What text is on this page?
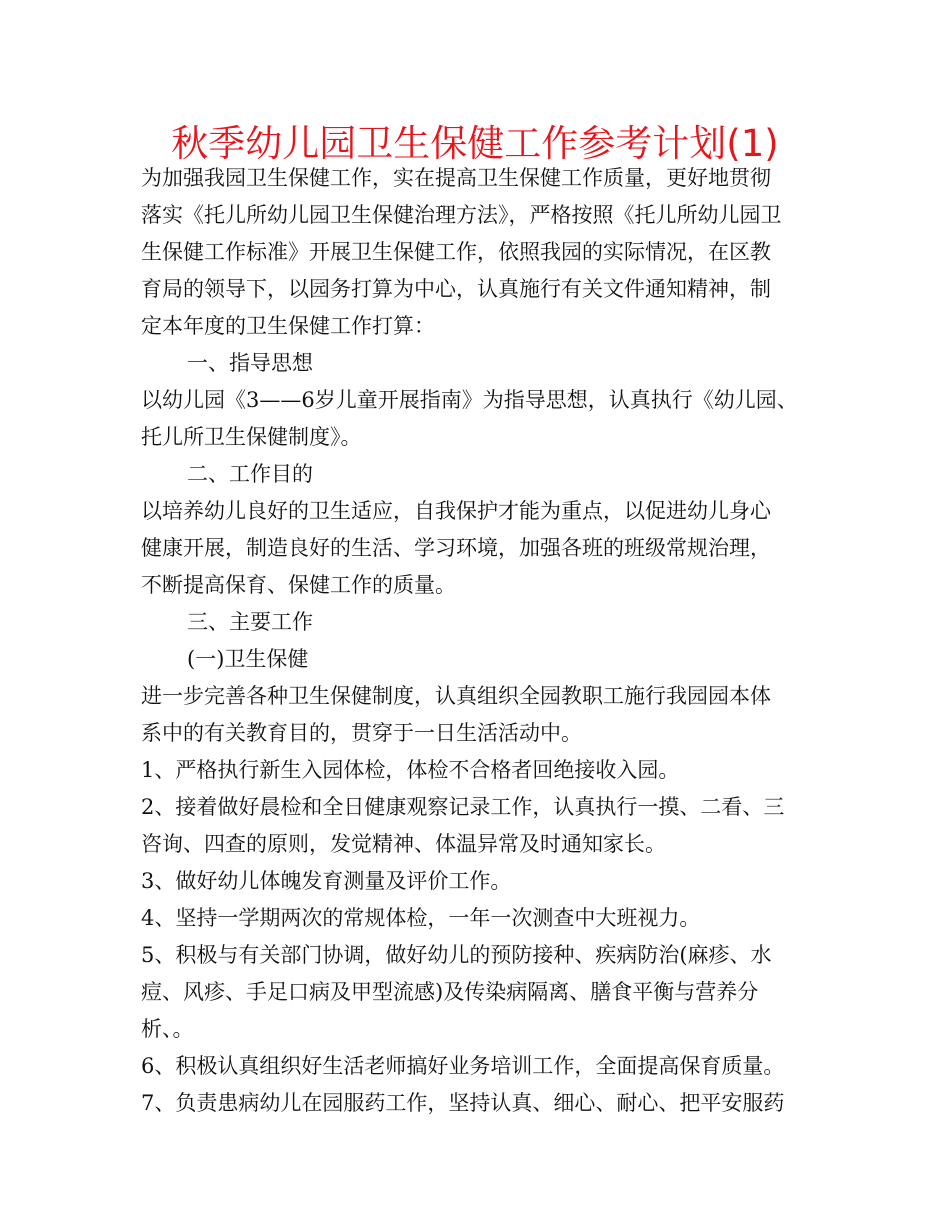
秋季幼儿园卫生保健工作参考计划(1)
为加强我园卫生保健工作，实在提高卫生保健工作质量，更好地贯彻
落实《托儿所幼儿园卫生保健治理方法》，严格按照《托儿所幼儿园卫
生保健工作标准》开展卫生保健工作，依照我园的实际情况，在区教
育局的领导下，以园务打算为中心，认真施行有关文件通知精神，制
定本年度的卫生保健工作打算：
一、指导思想
以幼儿园《3——6岁儿童开展指南》为指导思想，认真执行《幼儿园、
托儿所卫生保健制度》。
二、工作目的
以培养幼儿良好的卫生适应，自我保护才能为重点，以促进幼儿身心
健康开展，制造良好的生活、学习环境，加强各班的班级常规治理，
不断提高保育、保健工作的质量。
三、主要工作
(一)卫生保健
进一步完善各种卫生保健制度，认真组织全园教职工施行我园园本体
系中的有关教育目的，贯穿于一日生活活动中。
1、严格执行新生入园体检，体检不合格者回绝接收入园。
2、接着做好晨检和全日健康观察记录工作，认真执行一摸、二看、三
咨询、四查的原则，发觉精神、体温异常及时通知家长。
3、做好幼儿体魄发育测量及评价工作。
4、坚持一学期两次的常规体检，一年一次测查中大班视力。
5、积极与有关部门协调，做好幼儿的预防接种、疾病防治(麻疹、水
痘、风疹、手足口病及甲型流感)及传染病隔离、膳食平衡与营养分
析、。
6、积极认真组织好生活老师搞好业务培训工作，全面提高保育质量。
7、负责患病幼儿在园服药工作，坚持认真、细心、耐心、把平安服药
